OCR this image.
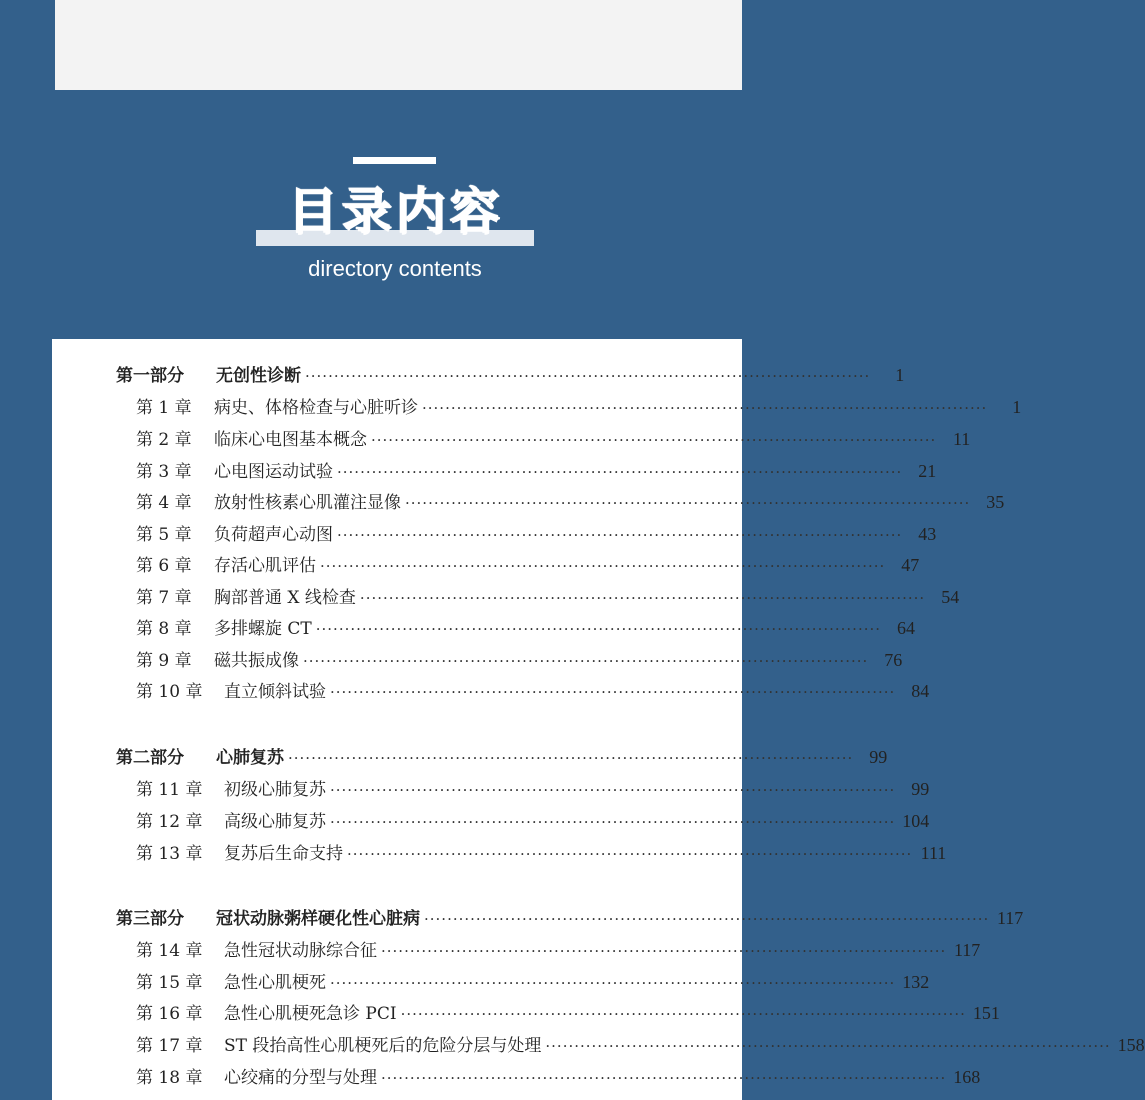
目录内容
directory contents
第一部分	无创性诊断 ··································································································	1
第 1 章	病史、体格检查与心脏听诊 ··································································································	1
第 2 章	临床心电图基本概念 ·································································································· 11
第 3 章	心电图运动试验 ·································································································· 21
第 4 章	放射性核素心肌灌注显像 ·································································································· 35
第 5 章	负荷超声心动图 ·································································································· 43
第 6 章	存活心肌评估 ·································································································· 47
第 7 章	胸部普通 X 线检查 ·································································································· 54
第 8 章	多排螺旋 CT ·································································································· 64
第 9 章	磁共振成像 ·································································································· 76
第 10 章	直立倾斜试验 ·································································································· 84
第二部分	心肺复苏 ·································································································· 99
第 11 章	初级心肺复苏 ·································································································· 99
第 12 章	高级心肺复苏 ·································································································· 104
第 13 章	复苏后生命支持 ·································································································· 111
第三部分	冠状动脉粥样硬化性心脏病 ·································································································· 117
第 14 章	急性冠状动脉综合征 ·································································································· 117
第 15 章	急性心肌梗死 ·································································································· 132
第 16 章	急性心肌梗死急诊 PCI ·································································································· 151
第 17 章	ST 段抬高性心肌梗死后的危险分层与处理 ·································································································· 158
第 18 章	心绞痛的分型与处理 ·································································································· 168
